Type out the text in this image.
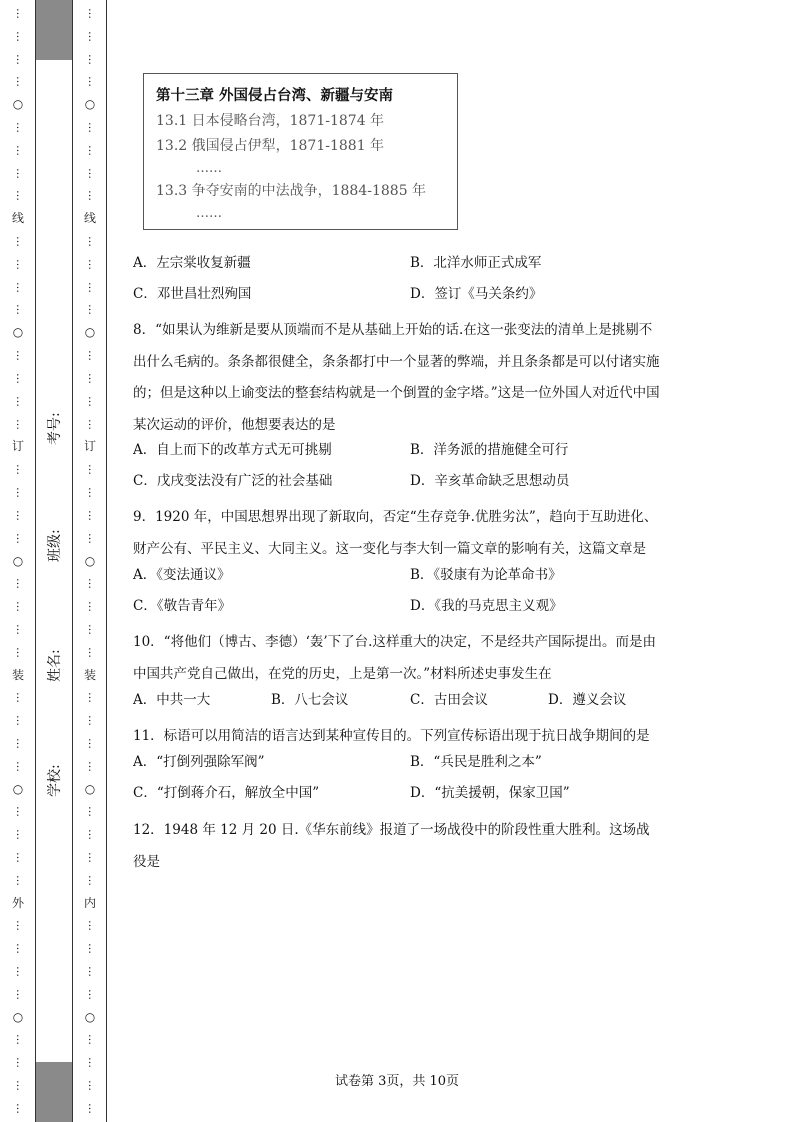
…
…
…
…
○
…
…
…
…
线
…
…
…
…
○
…
…
…
…
订
…
…
…
…
○
…
…
…
…
装
…
…
…
…
○
…
…
…
…
外
…
…
…
…
○
…
…
…
…
…
…
…
…
○
…
…
…
…
线
…
…
…
…
○
…
…
…
…
订
…
…
…
…
○
…
…
…
…
装
…
…
…
…
○
…
…
…
…
内
…
…
…
…
○
…
…
…
…
考号:
班级:
姓名:
学校:
第十三章 外国侵占台湾、新疆与安南
13.1 日本侵略台湾，1871-1874 年
13.2 俄国侵占伊犁，1871-1881 年
……
13.3 争夺安南的中法战争，1884-1885 年
……
A．左宗棠收复新疆	B．北洋水师正式成军
C．邓世昌壮烈殉国	D．签订《马关条约》
8．“如果认为维新是要从顶端而不是从基础上开始的话.在这一张变法的清单上是挑剔不出什么毛病的。条条都很健全，条条都打中一个显著的弊端，并且条条都是可以付诸实施的；但是这种以上谕变法的整套结构就是一个倒置的金字塔。”这是一位外国人对近代中国某次运动的评价，他想要表达的是
A．自上而下的改革方式无可挑剔	B．洋务派的措施健全可行
C．戊戌变法没有广泛的社会基础	D．辛亥革命缺乏思想动员
9．1920 年，中国思想界出现了新取向，否定“生存竞争.优胜劣汰”，趋向于互助进化、财产公有、平民主义、大同主义。这一变化与李大钊一篇文章的影响有关，这篇文章是
A．《变法通议》	B．《驳康有为论革命书》
C．《敬告青年》	D．《我的马克思主义观》
10．“将他们（博古、李德）‘轰’下了台.这样重大的决定，不是经共产国际提出。而是由中国共产党自己做出，在党的历史，上是第一次。”材料所述史事发生在
A．中共一大	B．八七会议	C．古田会议	D．遵义会议
11．标语可以用简洁的语言达到某种宣传目的。下列宣传标语出现于抗日战争期间的是
A．“打倒列强除军阀”	B．“兵民是胜利之本”
C．“打倒蒋介石，解放全中国”	D．“抗美援朝，保家卫国”
12．1948 年 12 月 20 日.《华东前线》报道了一场战役中的阶段性重大胜利。这场战役是
试卷第 3页，共 10页
